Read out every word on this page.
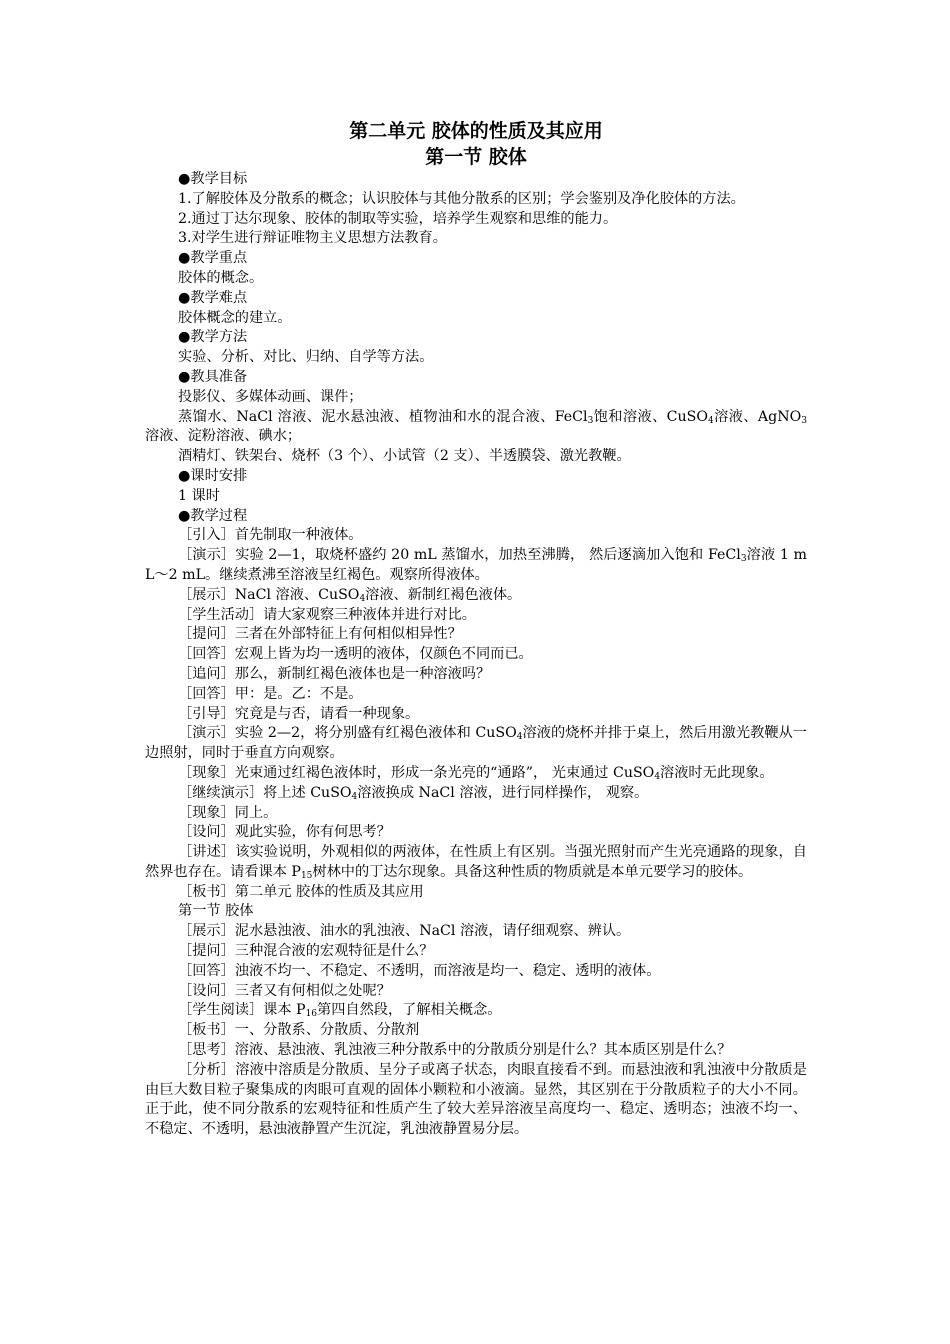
第二单元 胶体的性质及其应用
第一节 胶体

●教学目标

1.了解胶体及分散系的概念；认识胶体与其他分散系的区别；学会鉴别及净化胶体的方法。

2.通过丁达尔现象、胶体的制取等实验，培养学生观察和思维的能力。

3.对学生进行辩证唯物主义思想方法教育。

●教学重点

胶体的概念。

●教学难点

胶体概念的建立。

●教学方法

实验、分析、对比、归纳、自学等方法。

●教具准备

投影仪、多媒体动画、课件；

蒸馏水、NaCl 溶液、泥水悬浊液、植物油和水的混合液、FeCl$_3$饱和溶液、CuSO$_4$溶液、AgNO$_3$溶液、淀粉溶液、碘水；

酒精灯、铁架台、烧杯（3 个）、小试管（2 支）、半透膜袋、激光教鞭。

●课时安排

1 课时

●教学过程

［引入］首先制取一种液体。

［演示］实验 2—1，取烧杯盛约 20 mL 蒸馏水，加热至沸腾， 然后逐滴加入饱和 FeCl$_3$溶液 1 mL～2 mL。继续煮沸至溶液呈红褐色。观察所得液体。

［展示］NaCl 溶液、CuSO$_4$溶液、新制红褐色液体。

［学生活动］请大家观察三种液体并进行对比。

［提问］三者在外部特征上有何相似相异性？

［回答］宏观上皆为均一透明的液体，仅颜色不同而已。

［追问］那么，新制红褐色液体也是一种溶液吗？

［回答］甲：是。乙：不是。

［引导］究竟是与否，请看一种现象。

［演示］实验 2—2，将分别盛有红褐色液体和 CuSO$_4$溶液的烧杯并排于桌上，然后用激光教鞭从一边照射，同时于垂直方向观察。

［现象］光束通过红褐色液体时，形成一条光亮的“通路”， 光束通过 CuSO$_4$溶液时无此现象。

［继续演示］将上述 CuSO$_4$溶液换成 NaCl 溶液，进行同样操作， 观察。

［现象］同上。

［设问］观此实验，你有何思考？

［讲述］该实验说明，外观相似的两液体，在性质上有区别。当强光照射而产生光亮通路的现象，自然界也存在。请看课本 $P_{15}$树林中的丁达尔现象。具备这种性质的物质就是本单元要学习的胶体。

［板书］第二单元 胶体的性质及其应用

第一节 胶体

［展示］泥水悬浊液、油水的乳浊液、NaCl 溶液，请仔细观察、辨认。

［提问］三种混合液的宏观特征是什么？

［回答］浊液不均一、不稳定、不透明，而溶液是均一、稳定、透明的液体。

［设问］三者又有何相似之处呢？

［学生阅读］课本 $P_{16}$第四自然段，了解相关概念。

［板书］一、分散系、分散质、分散剂

［思考］溶液、悬浊液、乳浊液三种分散系中的分散质分别是什么？其本质区别是什么？

［分析］溶液中溶质是分散质、呈分子或离子状态，肉眼直接看不到。而悬浊液和乳浊液中分散质是由巨大数目粒子聚集成的肉眼可直观的固体小颗粒和小液滴。显然，其区别在于分散质粒子的大小不同。正于此，使不同分散系的宏观特征和性质产生了较大差异溶液呈高度均一、稳定、透明态；浊液不均一、不稳定、不透明，悬浊液静置产生沉淀，乳浊液静置易分层。
